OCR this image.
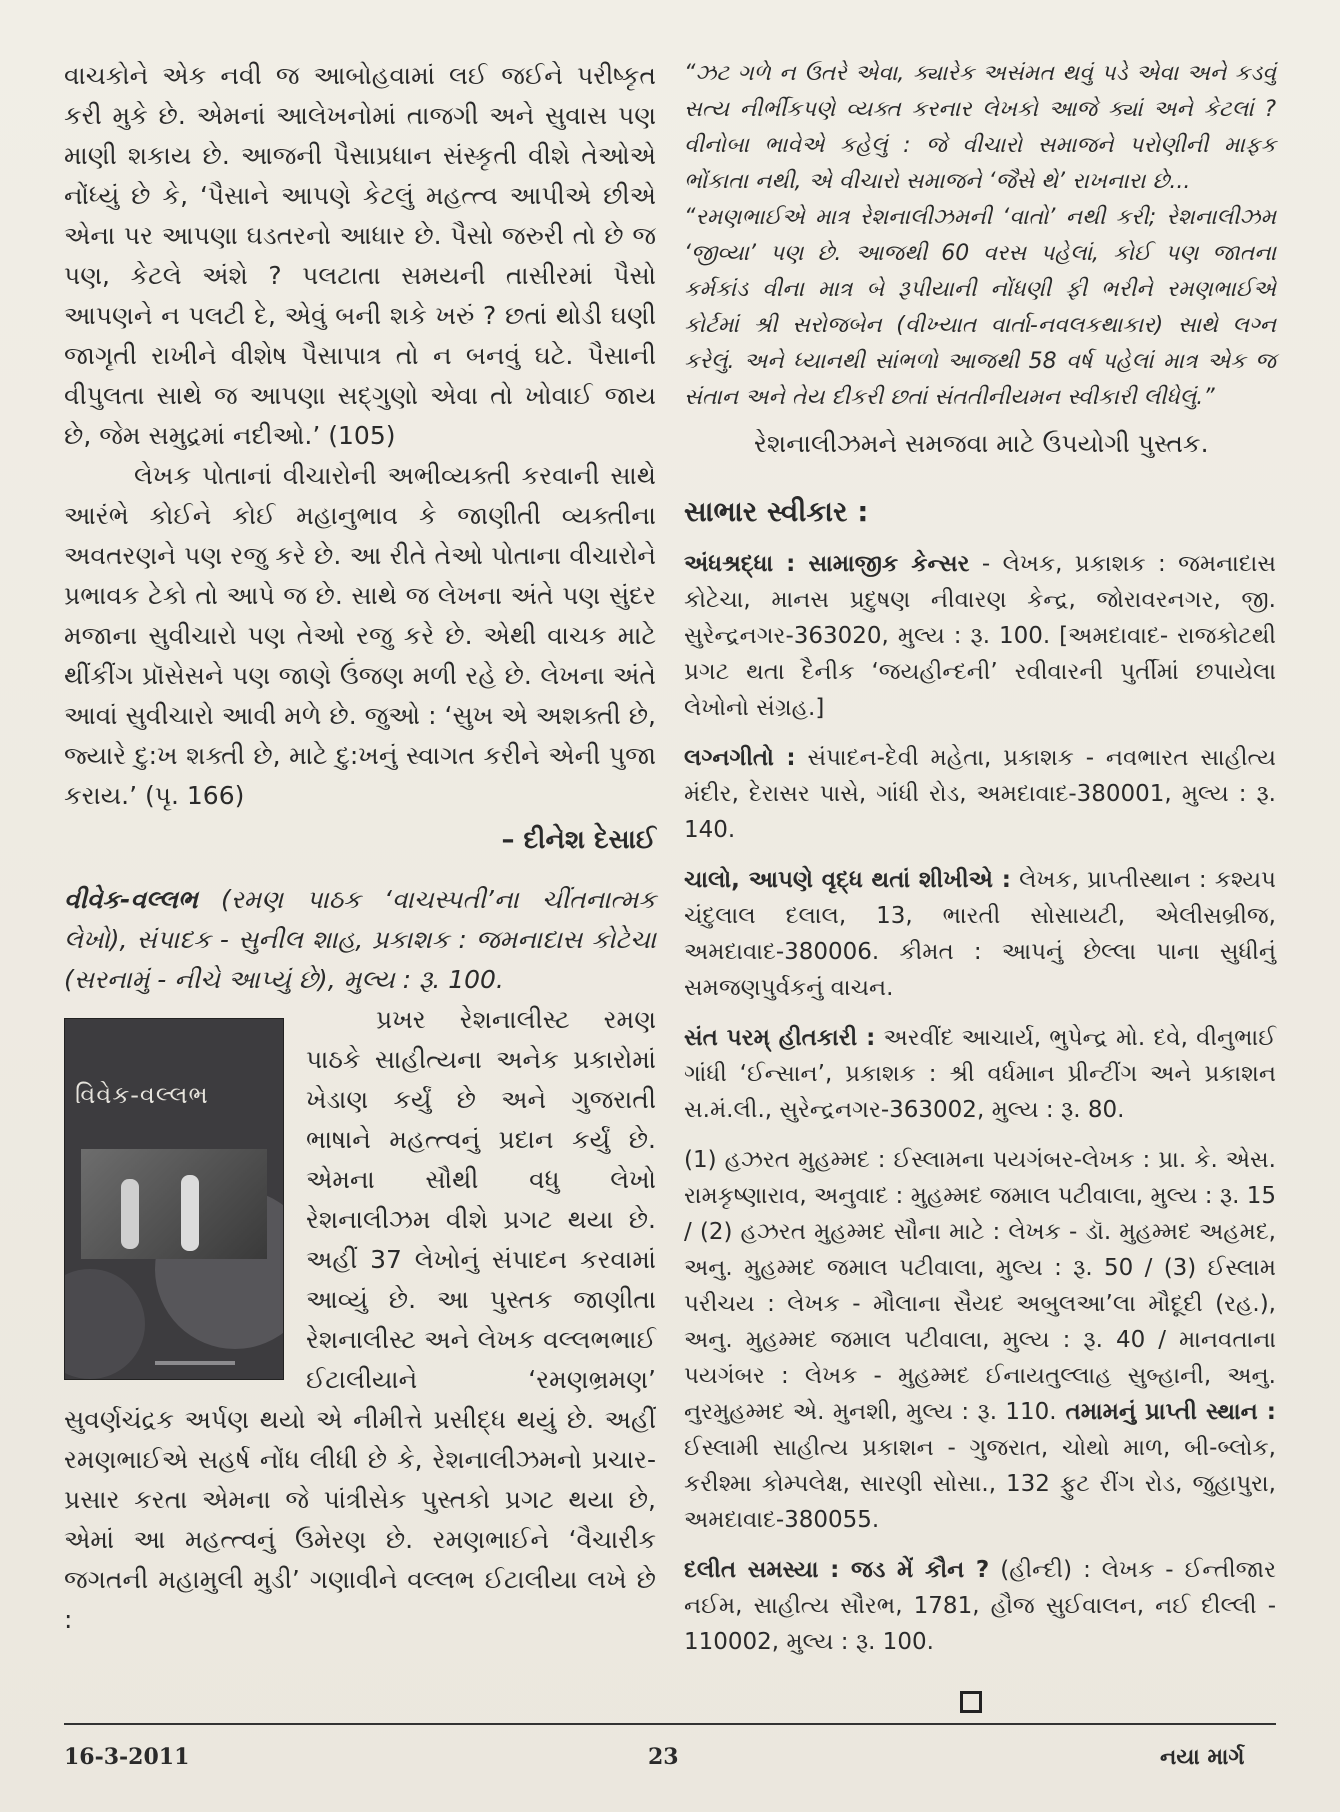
વાચકોને એક નવી જ આબોહવામાં લઈ જઈને પરીષ્કૃત કરી મુકે છે. એમનાં આલેખનોમાં તાજગી અને સુવાસ પણ માણી શકાય છે. આજની પૈસાપ્રધાન સંસ્કૃતી વીશે તેઓએ નોંધ્યું છે કે, ‘પૈસાને આપણે કેટલું મહત્ત્વ આપીએ છીએ એના પર આપણા ઘડતરનો આધાર છે. પૈસો જરુરી તો છે જ પણ, કેટલે અંશે ? પલટાતા સમયની તાસીરમાં પૈસો આપણને ન પલટી દે, એવું બની શકે ખરું ? છતાં થોડી ઘણી જાગૃતી રાખીને વીશેષ પૈસાપાત્ર તો ન બનવું ઘટે. પૈસાની વીપુલતા સાથે જ આપણા સદ્ગુણો એવા તો ખોવાઈ જાય છે, જેમ સમુદ્રમાં નદીઓ.’ (105)

લેખક પોતાનાં વીચારોની અભીવ્યક્તી કરવાની સાથે આરંભે કોઈને કોઈ મહાનુભાવ કે જાણીતી વ્યક્તીના અવતરણને પણ રજુ કરે છે. આ રીતે તેઓ પોતાના વીચારોને પ્રભાવક ટેકો તો આપે જ છે. સાથે જ લેખના અંતે પણ સુંદર મજાના સુવીચારો પણ તેઓ રજુ કરે છે. એથી વાચક માટે થીંકીંગ પ્રૉસેસને પણ જાણે ઉંજણ મળી રહે છે. લેખના અંતે આવાં સુવીચારો આવી મળે છે. જુઓ : ‘સુખ એ અશક્તી છે, જ્યારે દુ:ખ શક્તી છે, માટે દુ:ખનું સ્વાગત કરીને એની પુજા કરાય.’ (પૃ. 166)

– દીનેશ દેસાઈ

વીવેક-વલ્લભ (રમણ પાઠક ‘વાચસ્પતી’ના ચીંતનાત્મક લેખો), સંપાદક - સુનીલ શાહ, પ્રકાશક : જમનાદાસ કોટેચા (સરનામું - નીચે આપ્યું છે), મુલ્ય : રૂ. 100.

વિવેક-વલ્લભ

પ્રખર રેશનાલીસ્ટ રમણ પાઠકે સાહીત્યના અનેક પ્રકારોમાં ખેડાણ કર્યું છે અને ગુજરાતી ભાષાને મહત્ત્વનું પ્રદાન કર્યું છે. એમના સૌથી વધુ લેખો રેશનાલીઝમ વીશે પ્રગટ થયા છે. અહીં 37 લેખોનું સંપાદન કરવામાં આવ્યું છે. આ પુસ્તક જાણીતા રેશનાલીસ્ટ અને લેખક વલ્લભભાઈ ઈટાલીયાને ‘રમણભ્રમણ’ સુવર્ણચંદ્રક અર્પણ થયો એ નીમીત્તે પ્રસીદ્ધ થયું છે. અહીં રમણભાઈએ સહર્ષ નોંધ લીધી છે કે, રેશનાલીઝમનો પ્રચાર-પ્રસાર કરતા એમના જે પાંત્રીસેક પુસ્તકો પ્રગટ થયા છે, એમાં આ મહત્ત્વનું ઉમેરણ છે. રમણભાઈને ‘વૈચારીક જગતની મહામુલી મુડી’ ગણાવીને વલ્લભ ઈટાલીયા લખે છે :

“ઝટ ગળે ન ઉતરે એવા, ક્યારેક અસંમત થવું પડે એવા અને કડવું સત્ય નીર્ભીકપણે વ્યક્ત કરનાર લેખકો આજે ક્યાં અને કેટલાં ? વીનોબા ભાવેએ કહેલું : જે વીચારો સમાજને પરોણીની માફક ભોંકાતા નથી, એ વીચારો સમાજને ‘જૈસે થે’ રાખનારા છે...

“રમણભાઈએ માત્ર રેશનાલીઝમની ‘વાતો’ નથી કરી; રેશનાલીઝમ ‘જીવ્યા’ પણ છે. આજથી 60 વરસ પહેલાં, કોઈ પણ જાતના કર્મકાંડ વીના માત્ર બે રૂપીયાની નોંધણી ફી ભરીને રમણભાઈએ કોર્ટમાં શ્રી સરોજબેન (વીખ્યાત વાર્તા-નવલકથાકાર) સાથે લગ્ન કરેલું. અને ધ્યાનથી સાંભળો આજથી 58 વર્ષ પહેલાં માત્ર એક જ સંતાન અને તેય દીકરી છતાં સંતતીનીયમન સ્વીકારી લીધેલું.”

રેશનાલીઝમને સમજવા માટે ઉપયોગી પુસ્તક.

સાભાર સ્વીકાર :

અંધશ્રદ્ધા : સામાજીક કેન્સર - લેખક, પ્રકાશક : જમનાદાસ કોટેચા, માનસ પ્રદુષણ નીવારણ કેન્દ્ર, જોરાવરનગર, જી. સુરેન્દ્રનગર-363020, મુલ્ય : રૂ. 100. [અમદાવાદ- રાજકોટથી પ્રગટ થતા દૈનીક ‘જયહીન્દની’ રવીવારની પુર્તીમાં છપાયેલા લેખોનો સંગ્રહ.]

લગ્નગીતો : સંપાદન-દેવી મહેતા, પ્રકાશક - નવભારત સાહીત્ય મંદીર, દેરાસર પાસે, ગાંધી રોડ, અમદાવાદ-380001, મુલ્ય : રૂ. 140.

ચાલો, આપણે વૃદ્ધ થતાં શીખીએ : લેખક, પ્રાપ્તીસ્થાન : કશ્યપ ચંદુલાલ દલાલ, 13, ભારતી સોસાયટી, એલીસબ્રીજ, અમદાવાદ-380006. કીમત : આપનું છેલ્લા પાના સુધીનું સમજણપુર્વકનું વાચન.

સંત પરમ્ હીતકારી : અરવીંદ આચાર્ય, ભુપેન્દ્ર મો. દવે, વીનુભાઈ ગાંધી ‘ઈન્સાન’, પ્રકાશક : શ્રી વર્ધમાન પ્રીન્ટીંગ અને પ્રકાશન સ.મં.લી., સુરેન્દ્રનગર-363002, મુલ્ય : રૂ. 80.

(1) હઝરત મુહમ્મદ : ઈસ્લામના પયગંબર-લેખક : પ્રા. કે. એસ. રામકૃષ્ણારાવ, અનુવાદ : મુહમ્મદ જમાલ પટીવાલા, મુલ્ય : રૂ. 15 / (2) હઝરત મુહમ્મદ સૌના માટે : લેખક - ડૉ. મુહમ્મદ અહમદ, અનુ. મુહમ્મદ જમાલ પટીવાલા, મુલ્ય : રૂ. 50 / (3) ઈસ્લામ પરીચય : લેખક - મૌલાના સૈયદ અબુલઆ’લા મૌદૂદી (રહ.), અનુ. મુહમ્મદ જમાલ પટીવાલા, મુલ્ય : રૂ. 40 / માનવતાના પયગંબર : લેખક - મુહમ્મદ ઈનાયતુલ્લાહ સુબ્હાની, અનુ. નુરમુહમ્મદ એ. મુનશી, મુલ્ય : રૂ. 110. તમામનું પ્રાપ્તી સ્થાન : ઈસ્લામી સાહીત્ય પ્રકાશન - ગુજરાત, ચોથો માળ, બી-બ્લોક, કરીશ્મા કોમ્પલેક્ષ, સારણી સોસા., 132 ફુટ રીંગ રોડ, જુહાપુરા, અમદાવાદ-380055.

દલીત સમસ્યા : જડ મેં કૌન ? (હીન્દી) : લેખક - ઈન્તીજાર નઈમ, સાહીત્ય સૌરભ, 1781, હૌજ સુઈવાલન, નઈ દીલ્લી - 110002, મુલ્ય : રૂ. 100.

16-3-2011	23	નયા માર્ગ
